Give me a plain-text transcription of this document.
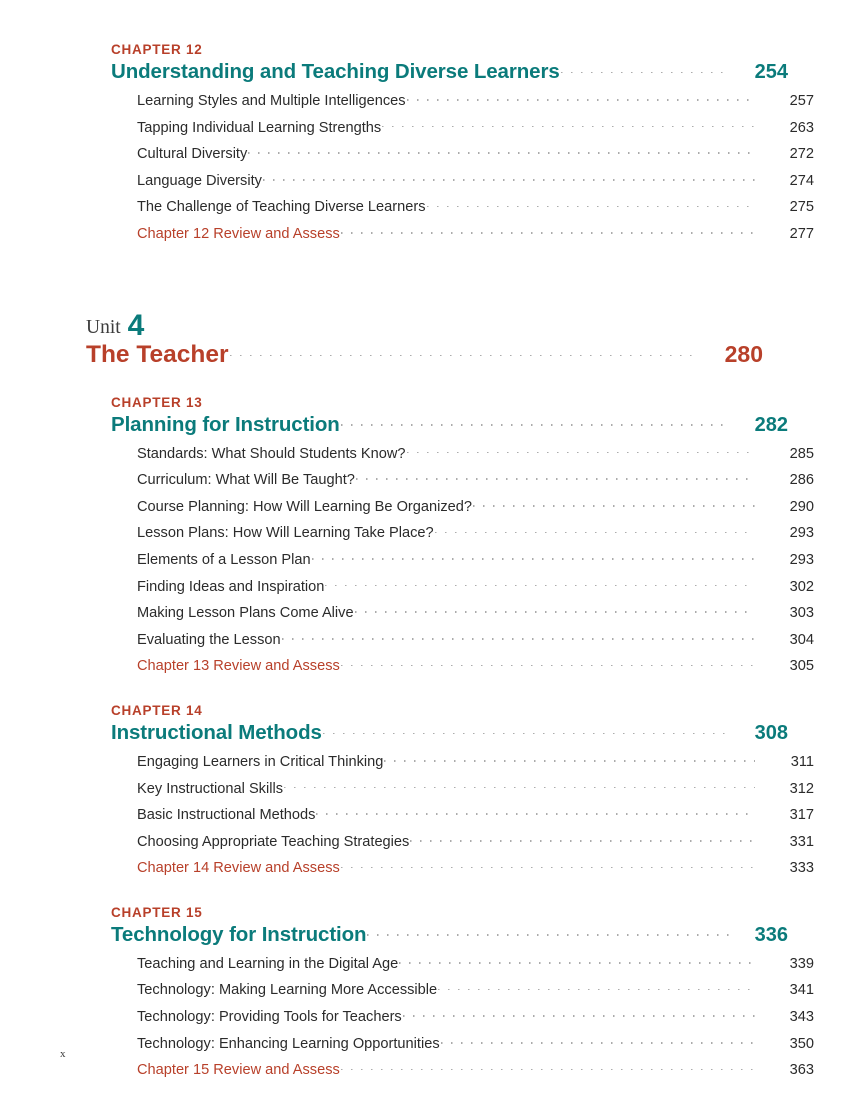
CHAPTER 12
Understanding and Teaching Diverse Learners	254
Learning Styles and Multiple Intelligences	257
Tapping Individual Learning Strengths	263
Cultural Diversity	272
Language Diversity	274
The Challenge of Teaching Diverse Learners	275
Chapter 12 Review and Assess	277
Unit 4
The Teacher	280
CHAPTER 13
Planning for Instruction	282
Standards: What Should Students Know?	285
Curriculum: What Will Be Taught?	286
Course Planning: How Will Learning Be Organized?	290
Lesson Plans: How Will Learning Take Place?	293
Elements of a Lesson Plan	293
Finding Ideas and Inspiration	302
Making Lesson Plans Come Alive	303
Evaluating the Lesson	304
Chapter 13 Review and Assess	305
CHAPTER 14
Instructional Methods	308
Engaging Learners in Critical Thinking	311
Key Instructional Skills	312
Basic Instructional Methods	317
Choosing Appropriate Teaching Strategies	331
Chapter 14 Review and Assess	333
CHAPTER 15
Technology for Instruction	336
Teaching and Learning in the Digital Age	339
Technology: Making Learning More Accessible	341
Technology: Providing Tools for Teachers	343
Technology: Enhancing Learning Opportunities	350
Chapter 15 Review and Assess	363
x
